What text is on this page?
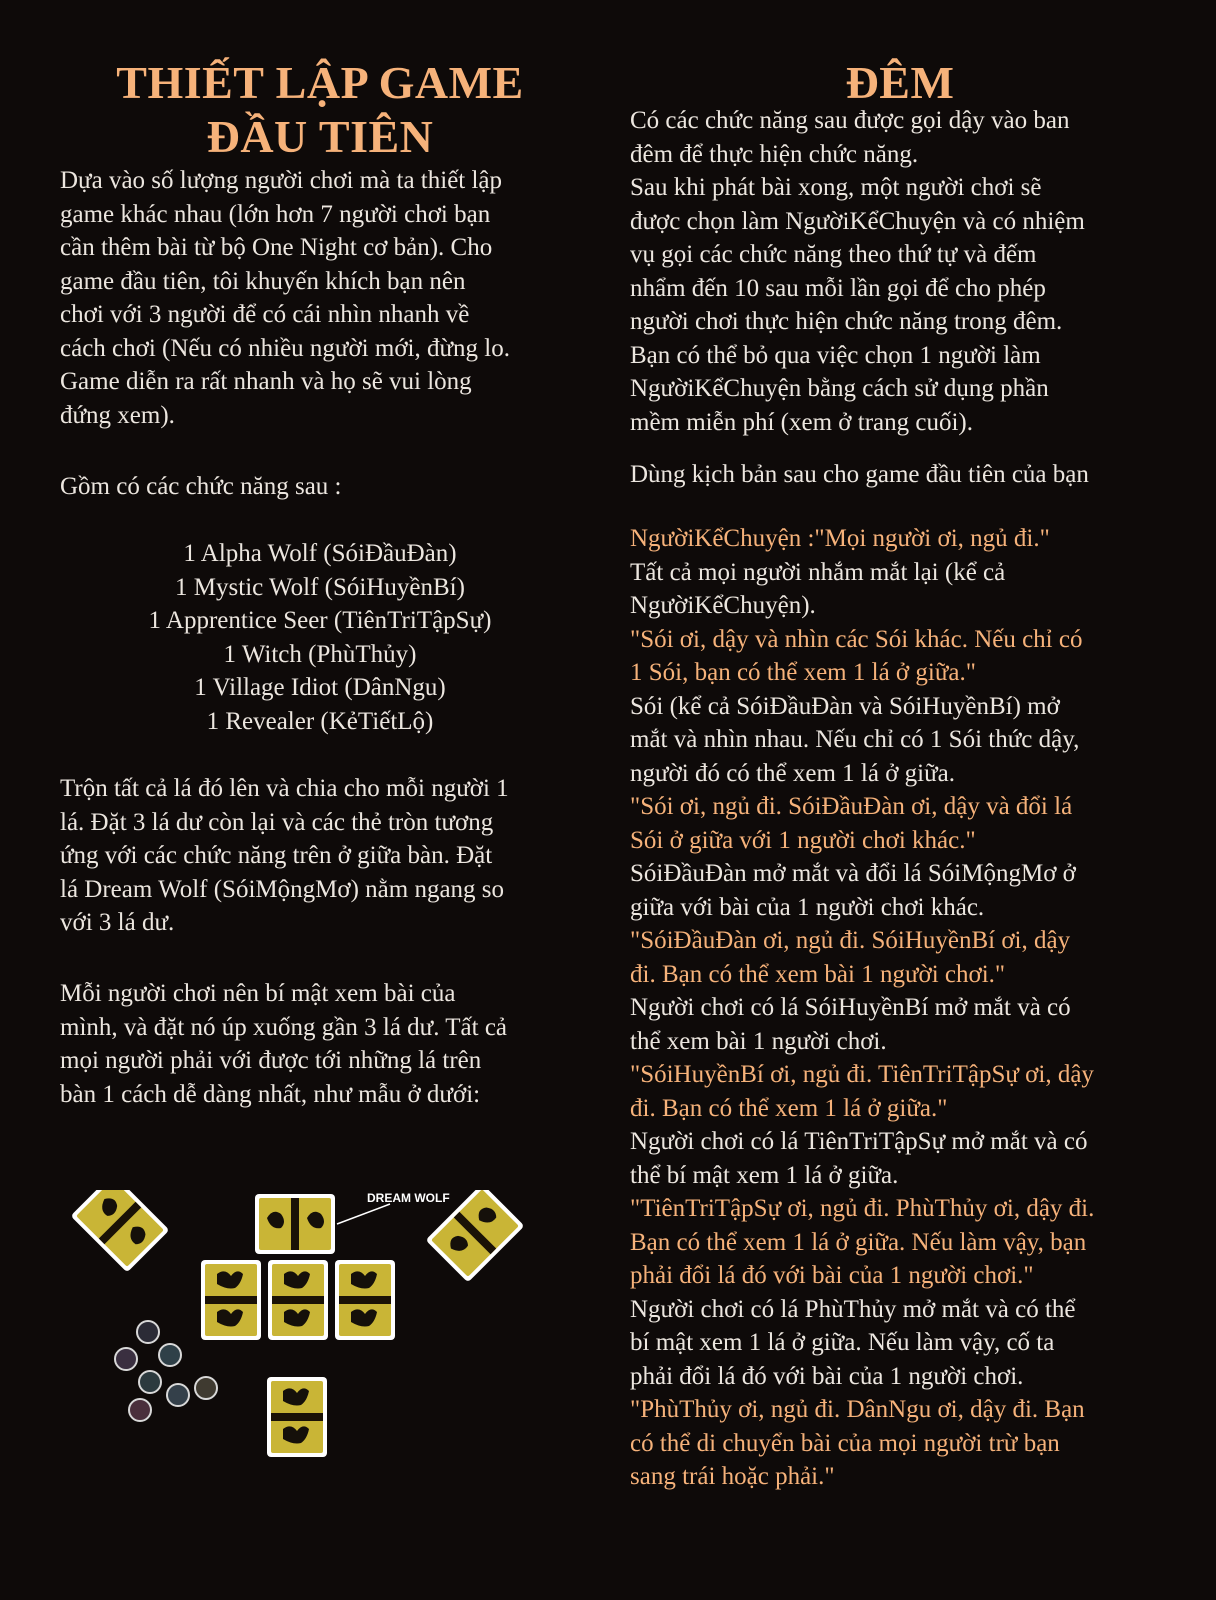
THIẾT LẬP GAME
ĐẦU TIÊN
Dựa vào số lượng người chơi mà ta thiết lập
game khác nhau (lớn hơn 7 người chơi bạn
cần thêm bài từ bộ One Night cơ bản). Cho
game đầu tiên, tôi khuyến khích bạn nên
chơi với 3 người để có cái nhìn nhanh về
cách chơi (Nếu có nhiều người mới, đừng lo.
Game diễn ra rất nhanh và họ sẽ vui lòng
đứng xem).

Gồm có các chức năng sau :

1 Alpha Wolf (SóiĐầuĐàn)
1 Mystic Wolf (SóiHuyềnBí)
1 Apprentice Seer (TiênTriTậpSự)
1 Witch (PhùThủy)
1 Village Idiot (DânNgu)
1 Revealer (KẻTiếtLộ)
Trộn tất cả lá đó lên và chia cho mỗi người 1
lá. Đặt 3 lá dư còn lại và các thẻ tròn tương
ứng với các chức năng trên ở giữa bàn. Đặt
lá Dream Wolf (SóiMộngMơ) nằm ngang so
với 3 lá dư.
Mỗi người chơi nên bí mật xem bài của
mình, và đặt nó úp xuống gần 3 lá dư. Tất cả
mọi người phải với được tới những lá trên
bàn 1 cách dễ dàng nhất, như mẫu ở dưới:
DREAM WOLF
ĐÊM
Có các chức năng sau được gọi dậy vào ban
đêm để thực hiện chức năng.
Sau khi phát bài xong, một người chơi sẽ
được chọn làm NgườiKểChuyện và có nhiệm
vụ gọi các chức năng theo thứ tự và đếm
nhẩm đến 10 sau mỗi lần gọi để cho phép
người chơi thực hiện chức năng trong đêm.
Bạn có thể bỏ qua việc chọn 1 người làm
NgườiKểChuyện bằng cách sử dụng phần
mềm miễn phí (xem ở trang cuối).

Dùng kịch bản sau cho game đầu tiên của bạn

NgườiKểChuyện :"Mọi người ơi, ngủ đi."
Tất cả mọi người nhắm mắt lại (kể cả
NgườiKểChuyện).
"Sói ơi, dậy và nhìn các Sói khác. Nếu chỉ có
1 Sói, bạn có thể xem 1 lá ở giữa."
Sói (kể cả SóiĐầuĐàn và SóiHuyềnBí) mở
mắt và nhìn nhau. Nếu chỉ có 1 Sói thức dậy,
người đó có thể xem 1 lá ở giữa.
"Sói ơi, ngủ đi. SóiĐầuĐàn ơi, dậy và đổi lá
Sói ở giữa với 1 người chơi khác."
SóiĐầuĐàn mở mắt và đổi lá SóiMộngMơ ở
giữa với bài của 1 người chơi khác.
"SóiĐầuĐàn ơi, ngủ đi. SóiHuyềnBí ơi, dậy
đi. Bạn có thể xem bài 1 người chơi."
Người chơi có lá SóiHuyềnBí mở mắt và có
thể xem bài 1 người chơi.
"SóiHuyềnBí ơi, ngủ đi. TiênTriTậpSự ơi, dậy
đi. Bạn có thể xem 1 lá ở giữa."
Người chơi có lá TiênTriTậpSự mở mắt và có
thể bí mật xem 1 lá ở giữa.
"TiênTriTậpSự ơi, ngủ đi. PhùThủy ơi, dậy đi.
Bạn có thể xem 1 lá ở giữa. Nếu làm vậy, bạn
phải đổi lá đó với bài của 1 người chơi."
Người chơi có lá PhùThủy mở mắt và có thể
bí mật xem 1 lá ở giữa. Nếu làm vậy, cố ta
phải đổi lá đó với bài của 1 người chơi.
"PhùThủy ơi, ngủ đi. DânNgu ơi, dậy đi. Bạn
có thể di chuyển bài của mọi người trừ bạn
sang trái hoặc phải."
